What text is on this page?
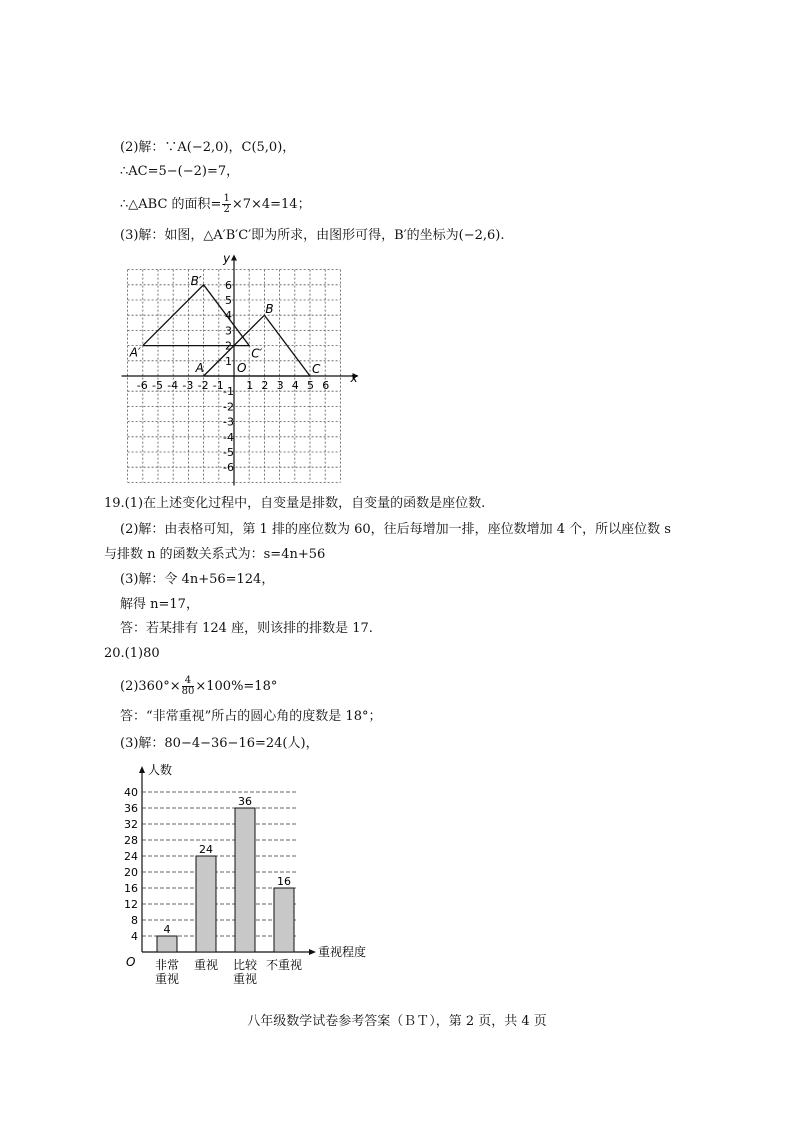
(2)解：∵A(−2,0)，C(5,0)，
∴AC=5−(−2)=7，
∴△ABC 的面积= $\frac{1}{2} \times 7\times 4=14$；
(3)解：如图，△A′B′C′即为所求，由图形可得，B′的坐标为(−2,6).
x
y
O
-6 -5 -4 -3 -2 -1 1 2 3 4 5 6
6
5
4
3
2
1
-1
-2
-3
-4
-5
-6
A
B
C
A′
B′
C′
19.(1)在上述变化过程中，自变量是排数，自变量的函数是座位数.
(2)解：由表格可知，第 1 排的座位数为 60，往后每增加一排，座位数增加 4 个，所以座位数 s
与排数 n 的函数关系式为：s=4n+56
(3)解：令 4n+56=124，
解得 n=17，
答：若某排有 124 座，则该排的排数是 17.
20.(1)80
$(2)360^\circ\times \frac{4}{80} \times 100\%=18^\circ$
答：“非常重视”所占的圆心角的度数是 18°；
(3)解：80−4−36−16=24(人)，
人数
重视程度
O
4
8
12
16
20
24
28
32
36
40
4
非常
重视
24
重视
36
比较
重视
16
不重视
八年级数学试卷参考答案（ＢＴ），第 2 页，共 4 页
